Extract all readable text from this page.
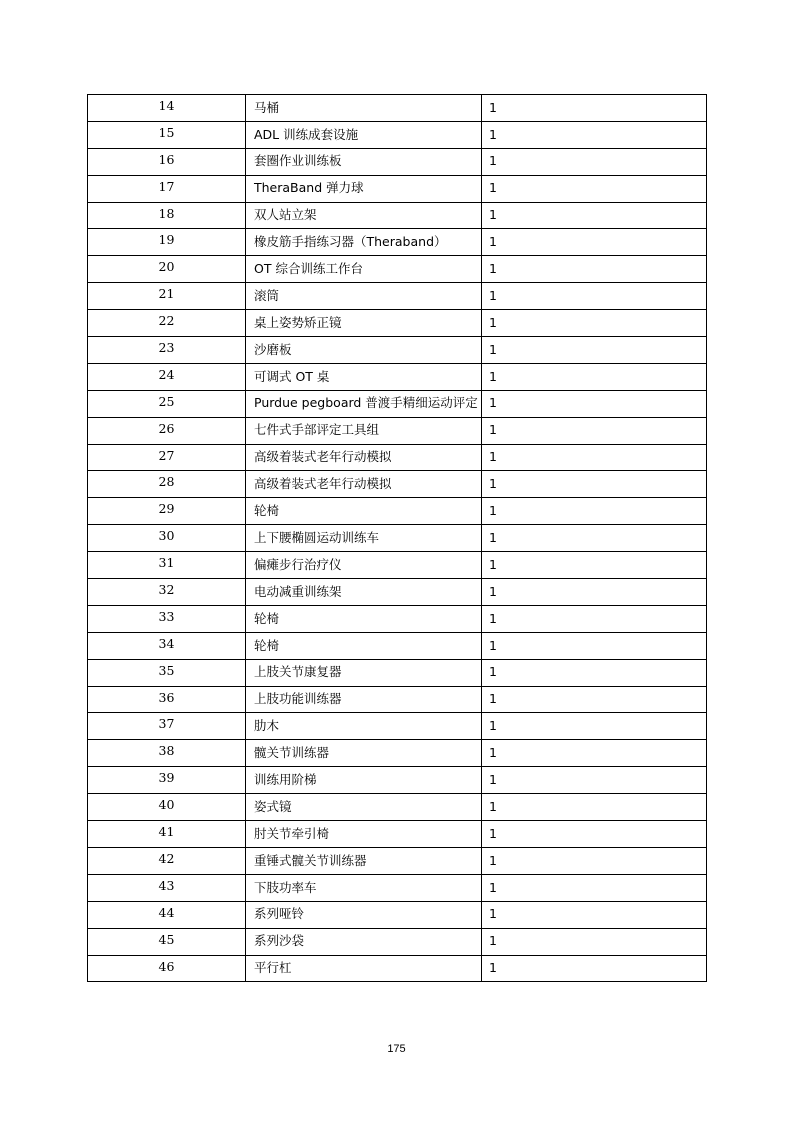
14	马桶	1
15	ADL 训练成套设施	1
16	套圈作业训练板	1
17	TheraBand 弹力球	1
18	双人站立架	1
19	橡皮筋手指练习器（Theraband）	1
20	OT 综合训练工作台	1
21	滚筒	1
22	桌上姿势矫正镜	1
23	沙磨板	1
24	可调式 OT 桌	1
25	Purdue pegboard 普渡手精细运动评定	1
26	七件式手部评定工具组	1
27	高级着装式老年行动模拟	1
28	高级着装式老年行动模拟	1
29	轮椅	1
30	上下腰椭圆运动训练车	1
31	偏瘫步行治疗仪	1
32	电动减重训练架	1
33	轮椅	1
34	轮椅	1
35	上肢关节康复器	1
36	上肢功能训练器	1
37	肋木	1
38	髋关节训练器	1
39	训练用阶梯	1
40	姿式镜	1
41	肘关节牵引椅	1
42	重锤式髋关节训练器	1
43	下肢功率车	1
44	系列哑铃	1
45	系列沙袋	1
46	平行杠	1
175
